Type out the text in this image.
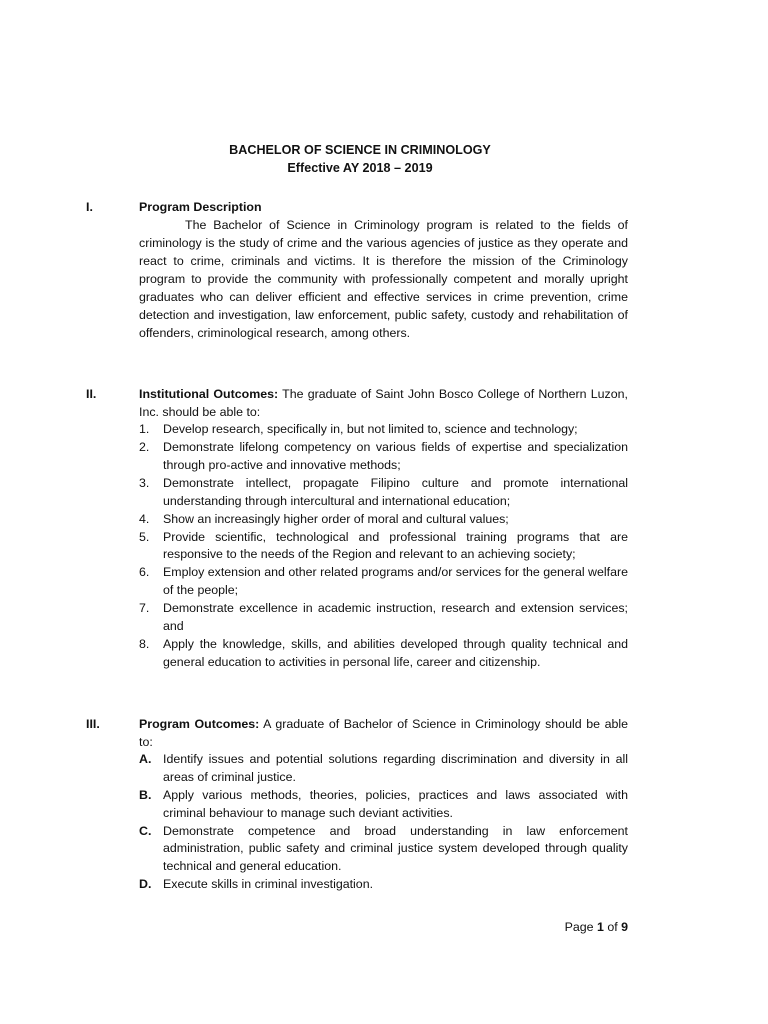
BACHELOR OF SCIENCE IN CRIMINOLOGY
Effective AY 2018 – 2019
I.	Program Description

The Bachelor of Science in Criminology program is related to the fields of criminology is the study of crime and the various agencies of justice as they operate and react to crime, criminals and victims. It is therefore the mission of the Criminology program to provide the community with professionally competent and morally upright graduates who can deliver efficient and effective services in crime prevention, crime detection and investigation, law enforcement, public safety, custody and rehabilitation of offenders, criminological research, among others.

II.	Institutional Outcomes: The graduate of Saint John Bosco College of Northern Luzon, Inc. should be able to:

1. Develop research, specifically in, but not limited to, science and technology;
2. Demonstrate lifelong competency on various fields of expertise and specialization through pro-active and innovative methods;
3. Demonstrate intellect, propagate Filipino culture and promote international understanding through intercultural and international education;
4. Show an increasingly higher order of moral and cultural values;
5. Provide scientific, technological and professional training programs that are responsive to the needs of the Region and relevant to an achieving society;
6. Employ extension and other related programs and/or services for the general welfare of the people;
7. Demonstrate excellence in academic instruction, research and extension services; and
8. Apply the knowledge, skills, and abilities developed through quality technical and general education to activities in personal life, career and citizenship.
III.	Program Outcomes: A graduate of Bachelor of Science in Criminology should be able to:

A. Identify issues and potential solutions regarding discrimination and diversity in all areas of criminal justice.
B. Apply various methods, theories, policies, practices and laws associated with criminal behaviour to manage such deviant activities.
C. Demonstrate competence and broad understanding in law enforcement administration, public safety and criminal justice system developed through quality technical and general education.
D. Execute skills in criminal investigation.
Page 1 of 9
